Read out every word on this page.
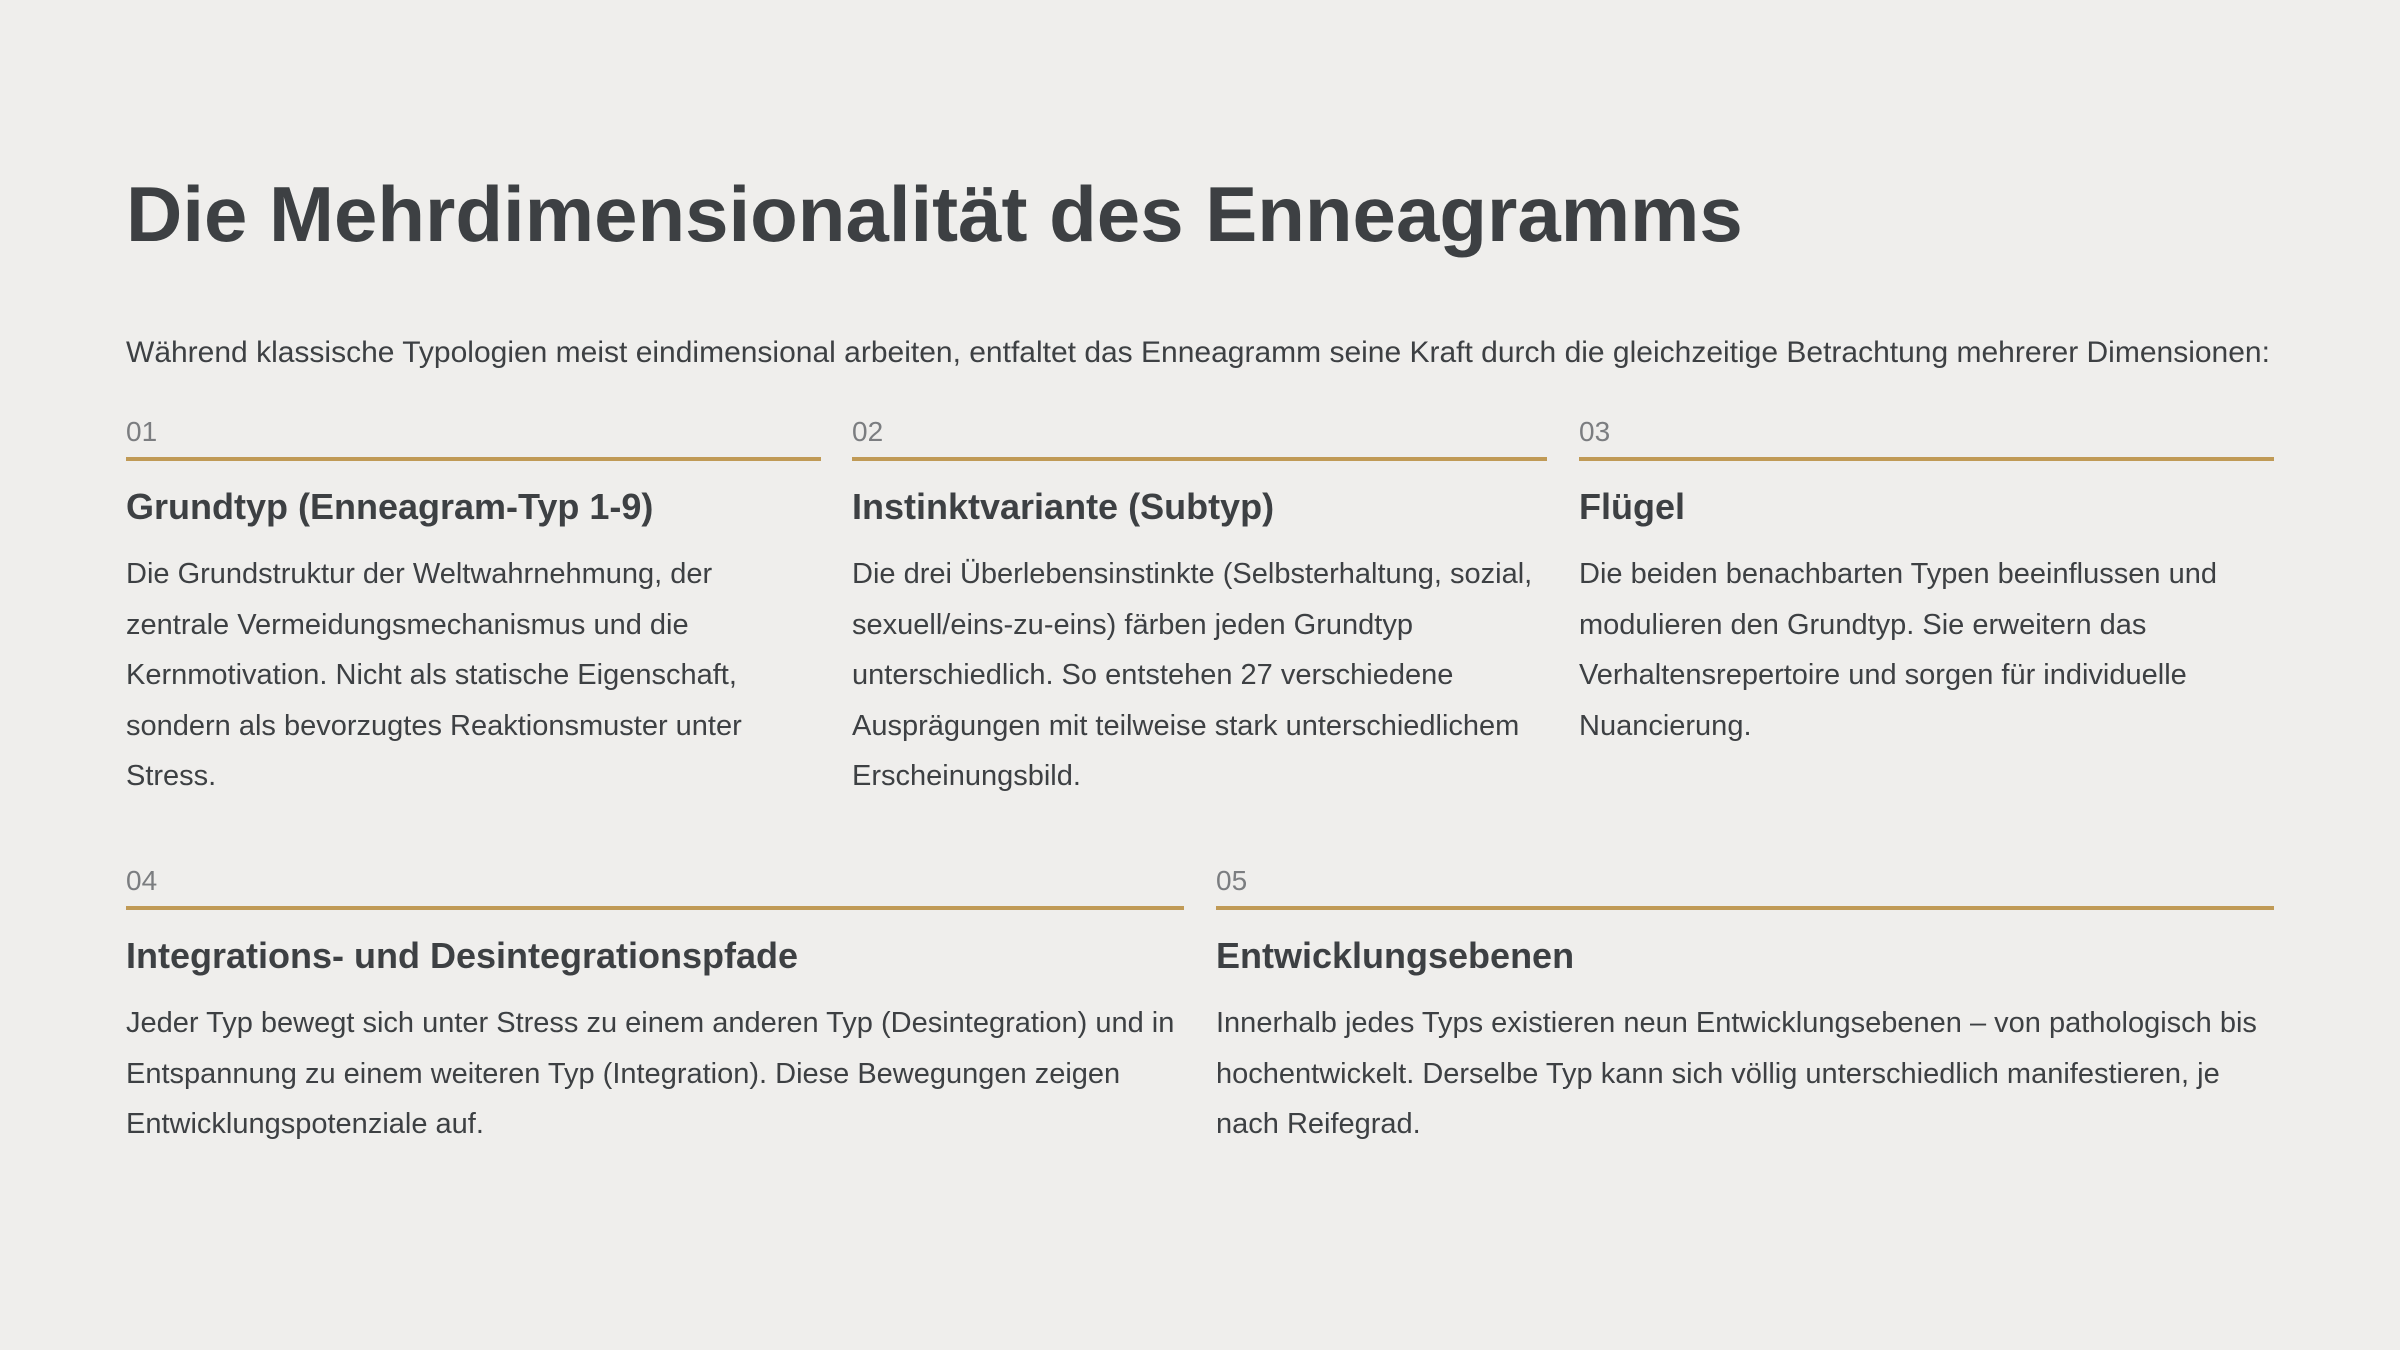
Die Mehrdimensionalität des Enneagramms

Während klassische Typologien meist eindimensional arbeiten, entfaltet das Enneagramm seine Kraft durch die gleichzeitige Betrachtung mehrerer Dimensionen:

01
Grundtyp (Enneagram-Typ 1-9)

Die Grundstruktur der Weltwahrnehmung, der zentrale Vermeidungsmechanismus und die Kernmotivation. Nicht als statische Eigenschaft, sondern als bevorzugtes Reaktionsmuster unter Stress.

02
Instinktvariante (Subtyp)

Die drei Überlebensinstinkte (Selbsterhaltung, sozial, sexuell/eins-zu-eins) färben jeden Grundtyp unterschiedlich. So entstehen 27 verschiedene Ausprägungen mit teilweise stark unterschiedlichem Erscheinungsbild.

03
Flügel

Die beiden benachbarten Typen beeinflussen und modulieren den Grundtyp. Sie erweitern das Verhaltensrepertoire und sorgen für individuelle Nuancierung.

04
Integrations- und Desintegrationspfade

Jeder Typ bewegt sich unter Stress zu einem anderen Typ (Desintegration) und in Entspannung zu einem weiteren Typ (Integration). Diese Bewegungen zeigen Entwicklungspotenziale auf.

05
Entwicklungsebenen

Innerhalb jedes Typs existieren neun Entwicklungsebenen – von pathologisch bis hochentwickelt. Derselbe Typ kann sich völlig unterschiedlich manifestieren, je nach Reifegrad.
